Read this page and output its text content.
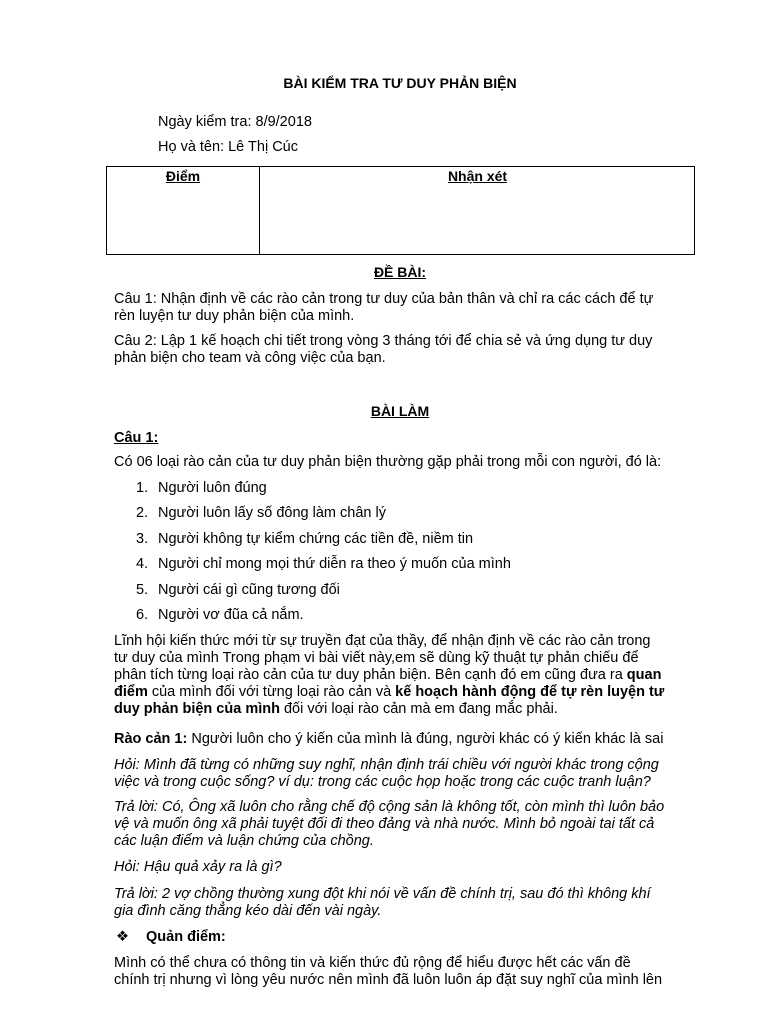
BÀI KIỂM TRA TƯ DUY PHẢN BIỆN
Ngày kiểm tra: 8/9/2018
Họ và tên: Lê Thị Cúc
Điểm	Nhận xét
ĐỀ BÀI:
Câu 1: Nhận định về các rào cản trong tư duy của bản thân và chỉ ra các cách để tự
rèn luyện tư duy phản biện của mình.
Câu 2: Lập 1 kế hoạch chi tiết trong vòng 3 tháng tới để chia sẻ và ứng dụng tư duy
phản biện cho team và công việc của bạn.
BÀI LÀM
Câu 1:
Có 06 loại rào cản của tư duy phản biện thường gặp phải trong mỗi con người, đó là:
1. Người luôn đúng
2. Người luôn lấy số đông làm chân lý
3. Người không tự kiểm chứng các tiền đề, niềm tin
4. Người chỉ mong mọi thứ diễn ra theo ý muốn của mình
5. Người cái gì cũng tương đối
6. Người vơ đũa cả nắm.
Lĩnh hội kiến thức mới từ sự truyền đạt của thầy, để nhận định về các rào cản trong
tư duy của mình Trong phạm vi bài viết này,em sẽ dùng kỹ thuật tự phản chiếu để
phân tích từng loại rào cản của tư duy phản biện. Bên cạnh đó em cũng đưa ra quan
điểm của mình đối với từng loại rào cản và kế hoạch hành động để tự rèn luyện tư
duy phản biện của mình đối với loại rào cản mà em đang mắc phải.
Rào cản 1: Người luôn cho ý kiến của mình là đúng, người khác có ý kiến khác là sai
Hỏi: Mình đã từng có những suy nghĩ, nhận định trái chiều với người khác trong cộng
việc và trong cuộc sống? ví dụ: trong các cuộc họp hoặc trong các cuộc tranh luận?
Trả lời: Có, Ông xã luôn cho rằng chế độ cộng sản là không tốt, còn mình thì luôn bảo
vệ và muốn ông xã phải tuyệt đối đi theo đảng và nhà nước. Mình bỏ ngoài tai tất cả
các luận điểm và luận chứng của chồng.
Hỏi: Hậu quả xảy ra là gì?
Trả lời: 2 vợ chồng thường xung đột khi nói về vấn đề chính trị, sau đó thì không khí
gia đình căng thẳng kéo dài đến vài ngày.
❖ Quản điểm:
Mình có thể chưa có thông tin và kiến thức đủ rộng để hiểu được hết các vấn đề
chính trị nhưng vì lòng yêu nước nên mình đã luôn luôn áp đặt suy nghĩ của mình lên
